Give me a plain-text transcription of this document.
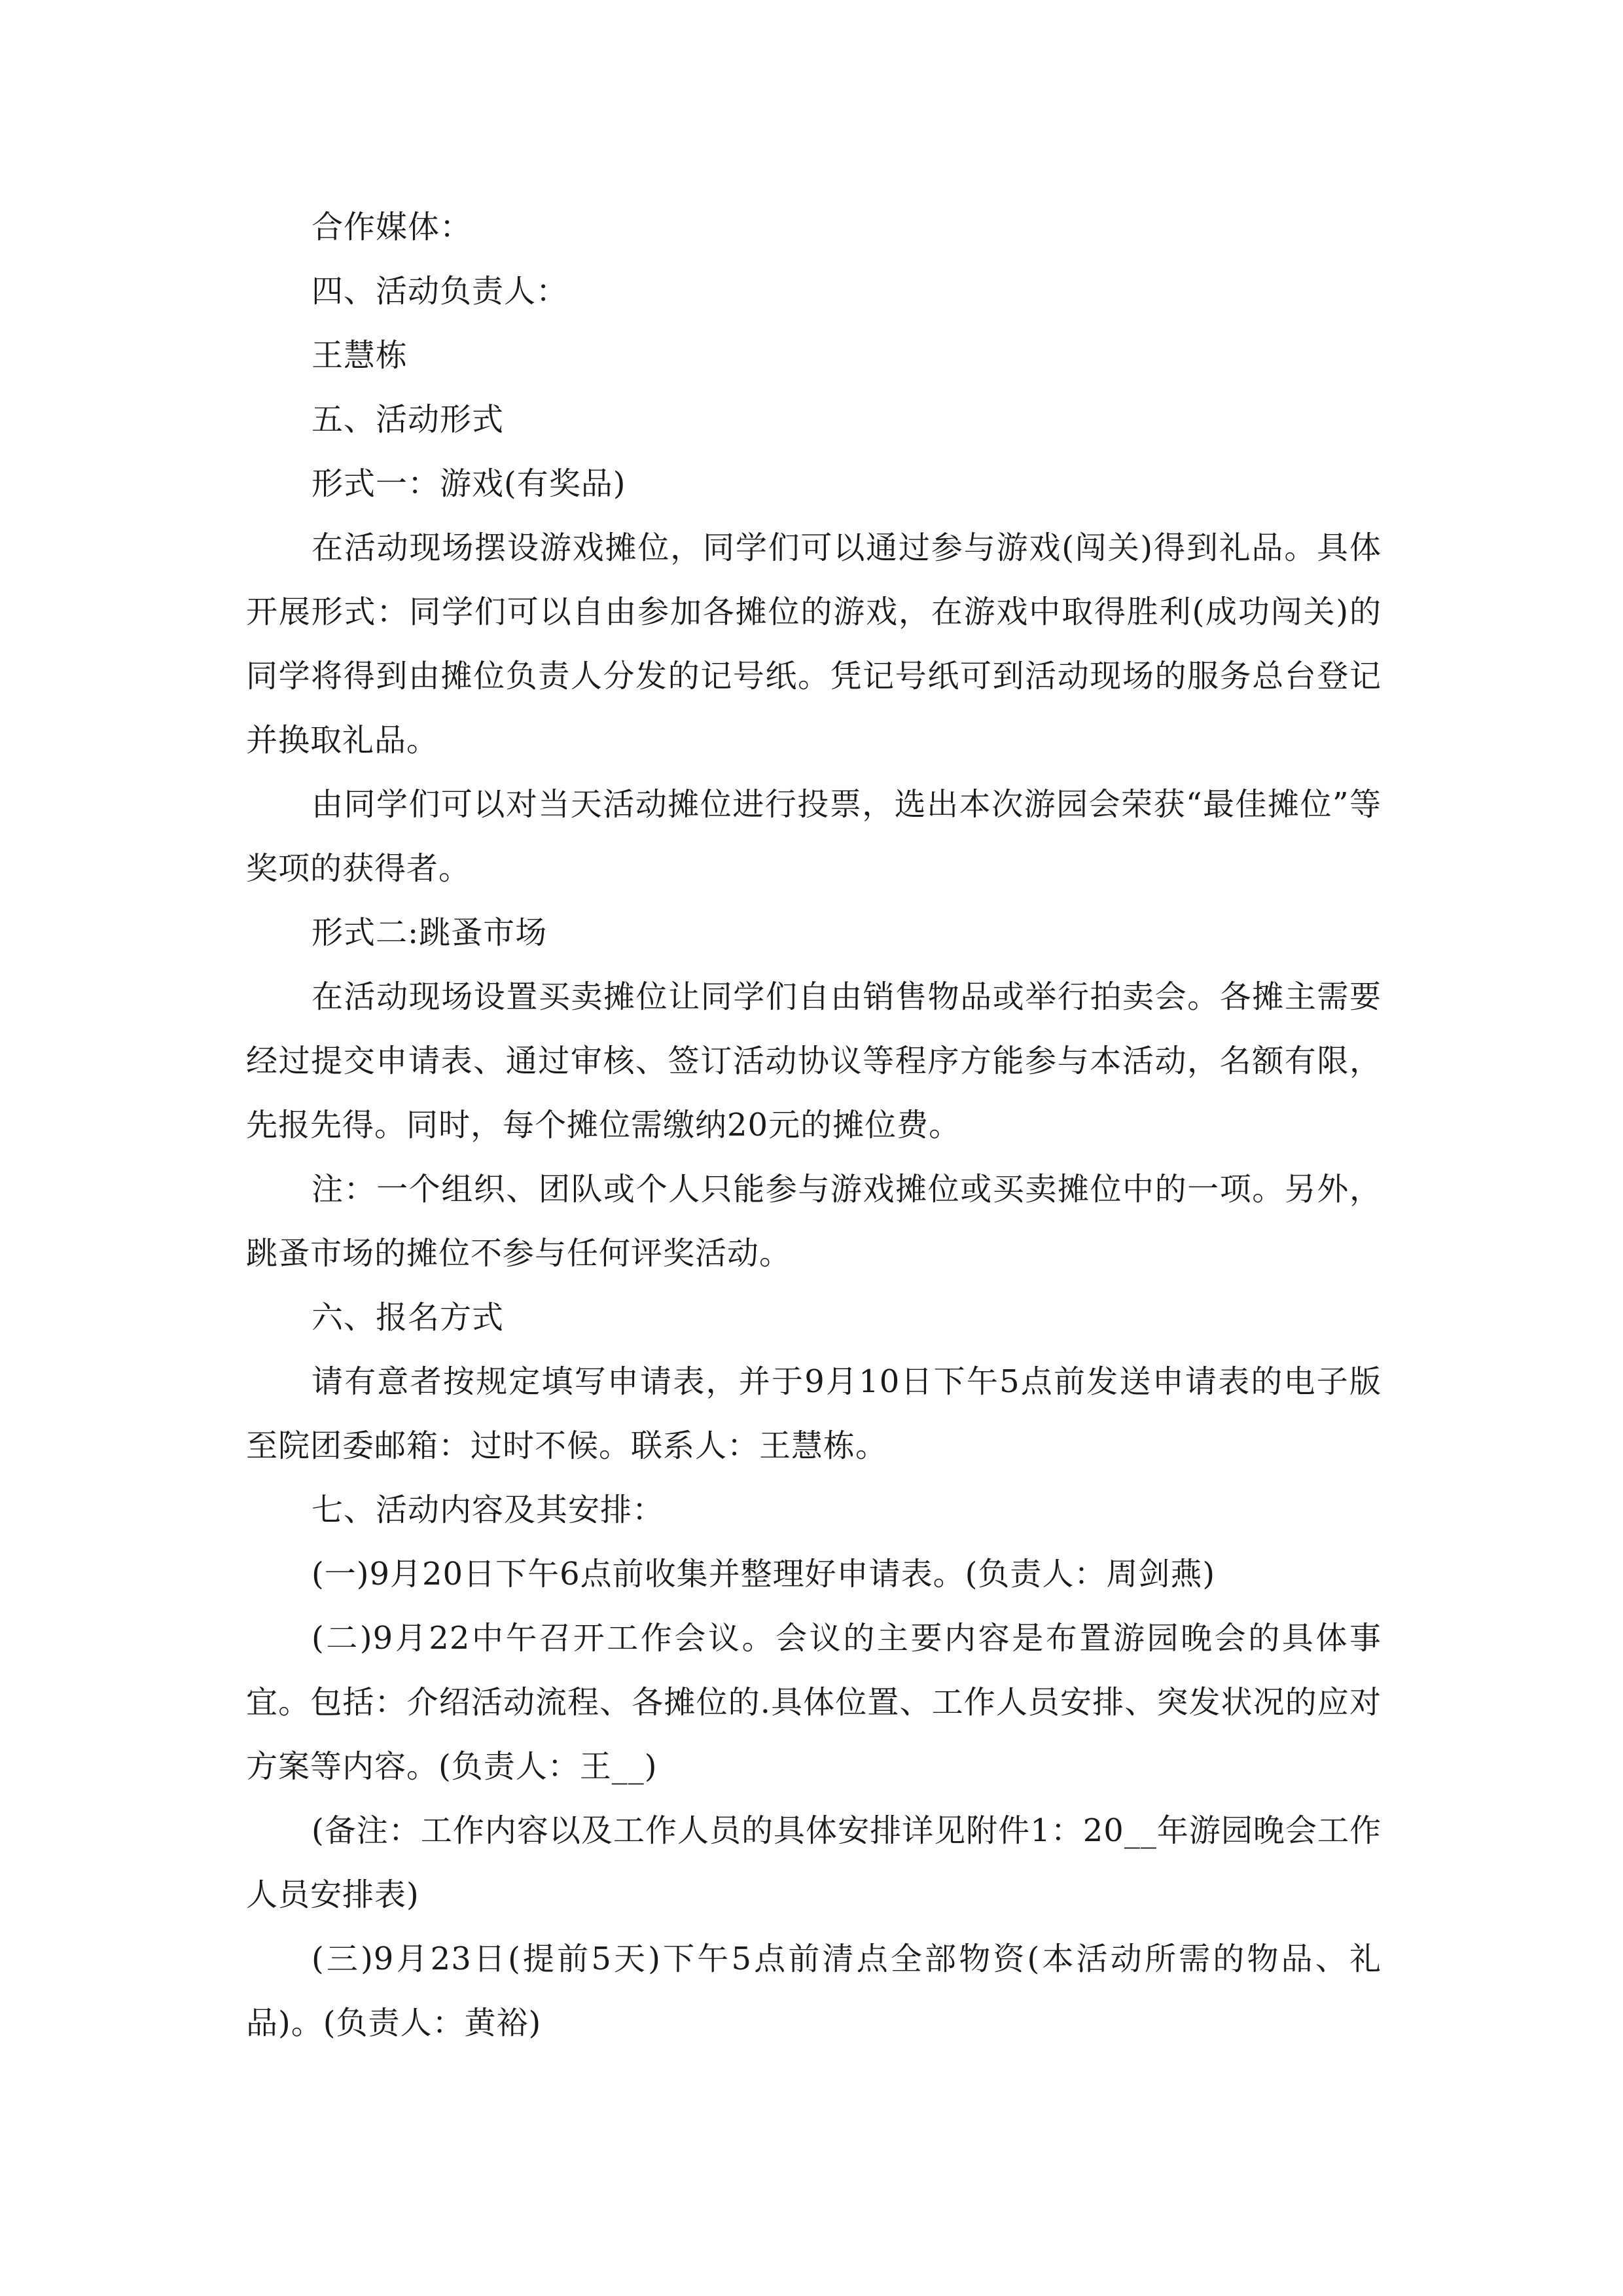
合作媒体：

四、活动负责人：

王慧栋

五、活动形式

形式一：游戏(有奖品)

在活动现场摆设游戏摊位，同学们可以通过参与游戏(闯关)得到礼品。具体开展形式：同学们可以自由参加各摊位的游戏，在游戏中取得胜利(成功闯关)的同学将得到由摊位负责人分发的记号纸。凭记号纸可到活动现场的服务总台登记并换取礼品。

由同学们可以对当天活动摊位进行投票，选出本次游园会荣获“最佳摊位”等奖项的获得者。

形式二:跳蚤市场

在活动现场设置买卖摊位让同学们自由销售物品或举行拍卖会。各摊主需要经过提交申请表、通过审核、签订活动协议等程序方能参与本活动，名额有限，先报先得。同时，每个摊位需缴纳20元的摊位费。

注：一个组织、团队或个人只能参与游戏摊位或买卖摊位中的一项。另外，跳蚤市场的摊位不参与任何评奖活动。

六、报名方式

请有意者按规定填写申请表，并于9月10日下午5点前发送申请表的电子版至院团委邮箱：过时不候。联系人：王慧栋。

七、活动内容及其安排：

(一)9月20日下午6点前收集并整理好申请表。(负责人：周剑燕)

(二)9月22中午召开工作会议。会议的主要内容是布置游园晚会的具体事宜。包括：介绍活动流程、各摊位的.具体位置、工作人员安排、突发状况的应对方案等内容。(负责人：王__)

(备注：工作内容以及工作人员的具体安排详见附件1：20__年游园晚会工作人员安排表)

(三)9月23日(提前5天)下午5点前清点全部物资(本活动所需的物品、礼品)。(负责人：黄裕)
